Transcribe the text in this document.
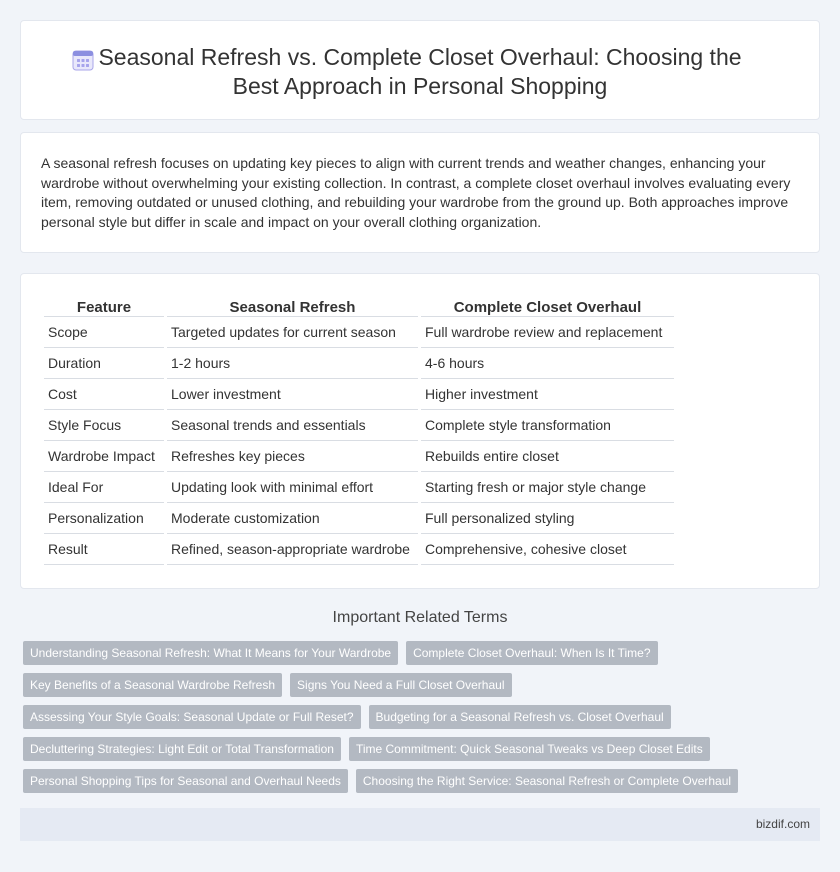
Seasonal Refresh vs. Complete Closet Overhaul: Choosing the
Best Approach in Personal Shopping

A seasonal refresh focuses on updating key pieces to align with current trends and weather changes, enhancing your wardrobe without overwhelming your existing collection. In contrast, a complete closet overhaul involves evaluating every item, removing outdated or unused clothing, and rebuilding your wardrobe from the ground up. Both approaches improve personal style but differ in scale and impact on your overall clothing organization.

Feature	Seasonal Refresh	Complete Closet Overhaul
Scope	Targeted updates for current season	Full wardrobe review and replacement
Duration	1-2 hours	4-6 hours
Cost	Lower investment	Higher investment
Style Focus	Seasonal trends and essentials	Complete style transformation
Wardrobe Impact	Refreshes key pieces	Rebuilds entire closet
Ideal For	Updating look with minimal effort	Starting fresh or major style change
Personalization	Moderate customization	Full personalized styling
Result	Refined, season-appropriate wardrobe	Comprehensive, cohesive closet
Important Related Terms
Understanding Seasonal Refresh: What It Means for Your Wardrobe	Complete Closet Overhaul: When Is It Time?
Key Benefits of a Seasonal Wardrobe Refresh	Signs You Need a Full Closet Overhaul
Assessing Your Style Goals: Seasonal Update or Full Reset?	Budgeting for a Seasonal Refresh vs. Closet Overhaul
Decluttering Strategies: Light Edit or Total Transformation	Time Commitment: Quick Seasonal Tweaks vs Deep Closet Edits
Personal Shopping Tips for Seasonal and Overhaul Needs	Choosing the Right Service: Seasonal Refresh or Complete Overhaul
bizdif.com
